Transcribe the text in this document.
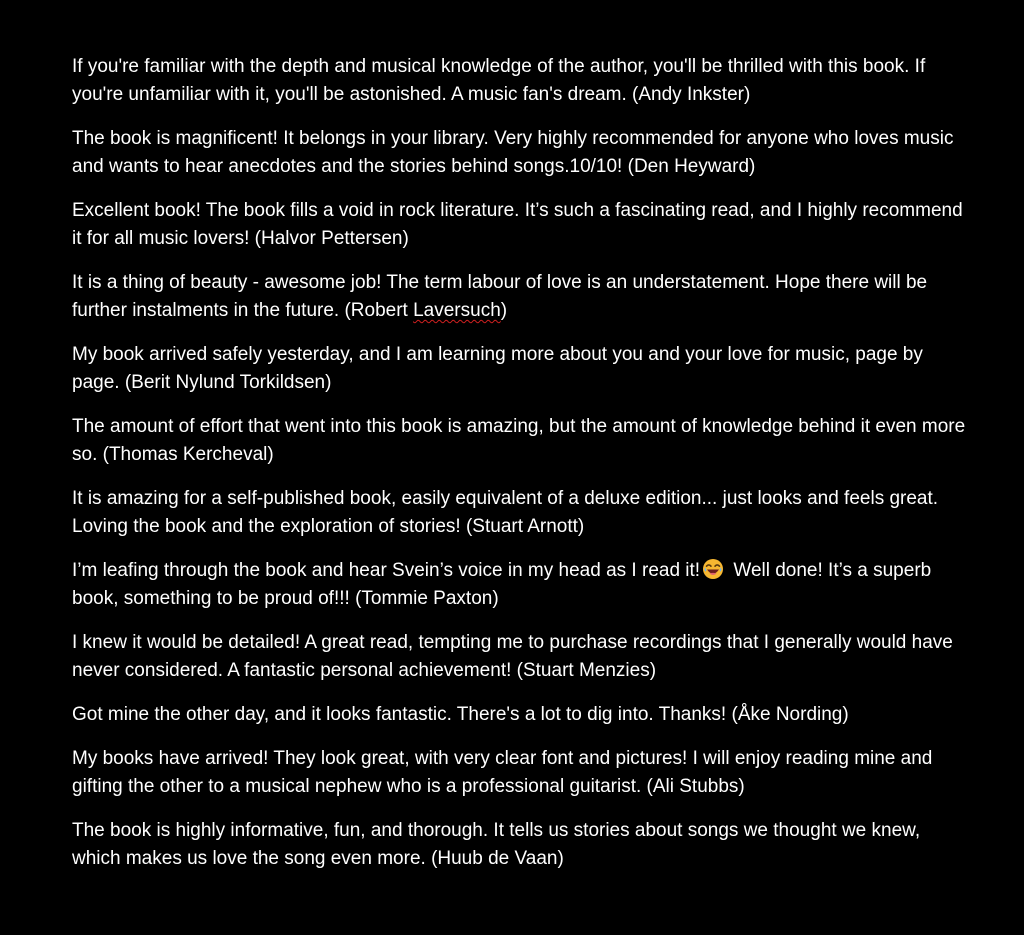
If you're familiar with the depth and musical knowledge of the author, you'll be thrilled with this book. If you're unfamiliar with it, you'll be astonished. A music fan's dream. (Andy Inkster)

The book is magnificent! It belongs in your library. Very highly recommended for anyone who loves music and wants to hear anecdotes and the stories behind songs.10/10! (Den Heyward)

Excellent book! The book fills a void in rock literature. It’s such a fascinating read, and I highly recommend it for all music lovers! (Halvor Pettersen)

It is a thing of beauty - awesome job! The term labour of love is an understatement. Hope there will be further instalments in the future. (Robert Laversuch)

My book arrived safely yesterday, and I am learning more about you and your love for music, page by page. (Berit Nylund Torkildsen)

The amount of effort that went into this book is amazing, but the amount of knowledge behind it even more so. (Thomas Kercheval)

It is amazing for a self-published book, easily equivalent of a deluxe edition... just looks and feels great. Loving the book and the exploration of stories! (Stuart Arnott)

I’m leafing through the book and hear Svein’s voice in my head as I read it! Well done! It’s a superb book, something to be proud of!!! (Tommie Paxton)

I knew it would be detailed! A great read, tempting me to purchase recordings that I generally would have never considered. A fantastic personal achievement! (Stuart Menzies)

Got mine the other day, and it looks fantastic. There's a lot to dig into. Thanks! (Åke Nording)

My books have arrived! They look great, with very clear font and pictures! I will enjoy reading mine and gifting the other to a musical nephew who is a professional guitarist. (Ali Stubbs)

The book is highly informative, fun, and thorough. It tells us stories about songs we thought we knew, which makes us love the song even more. (Huub de Vaan)
